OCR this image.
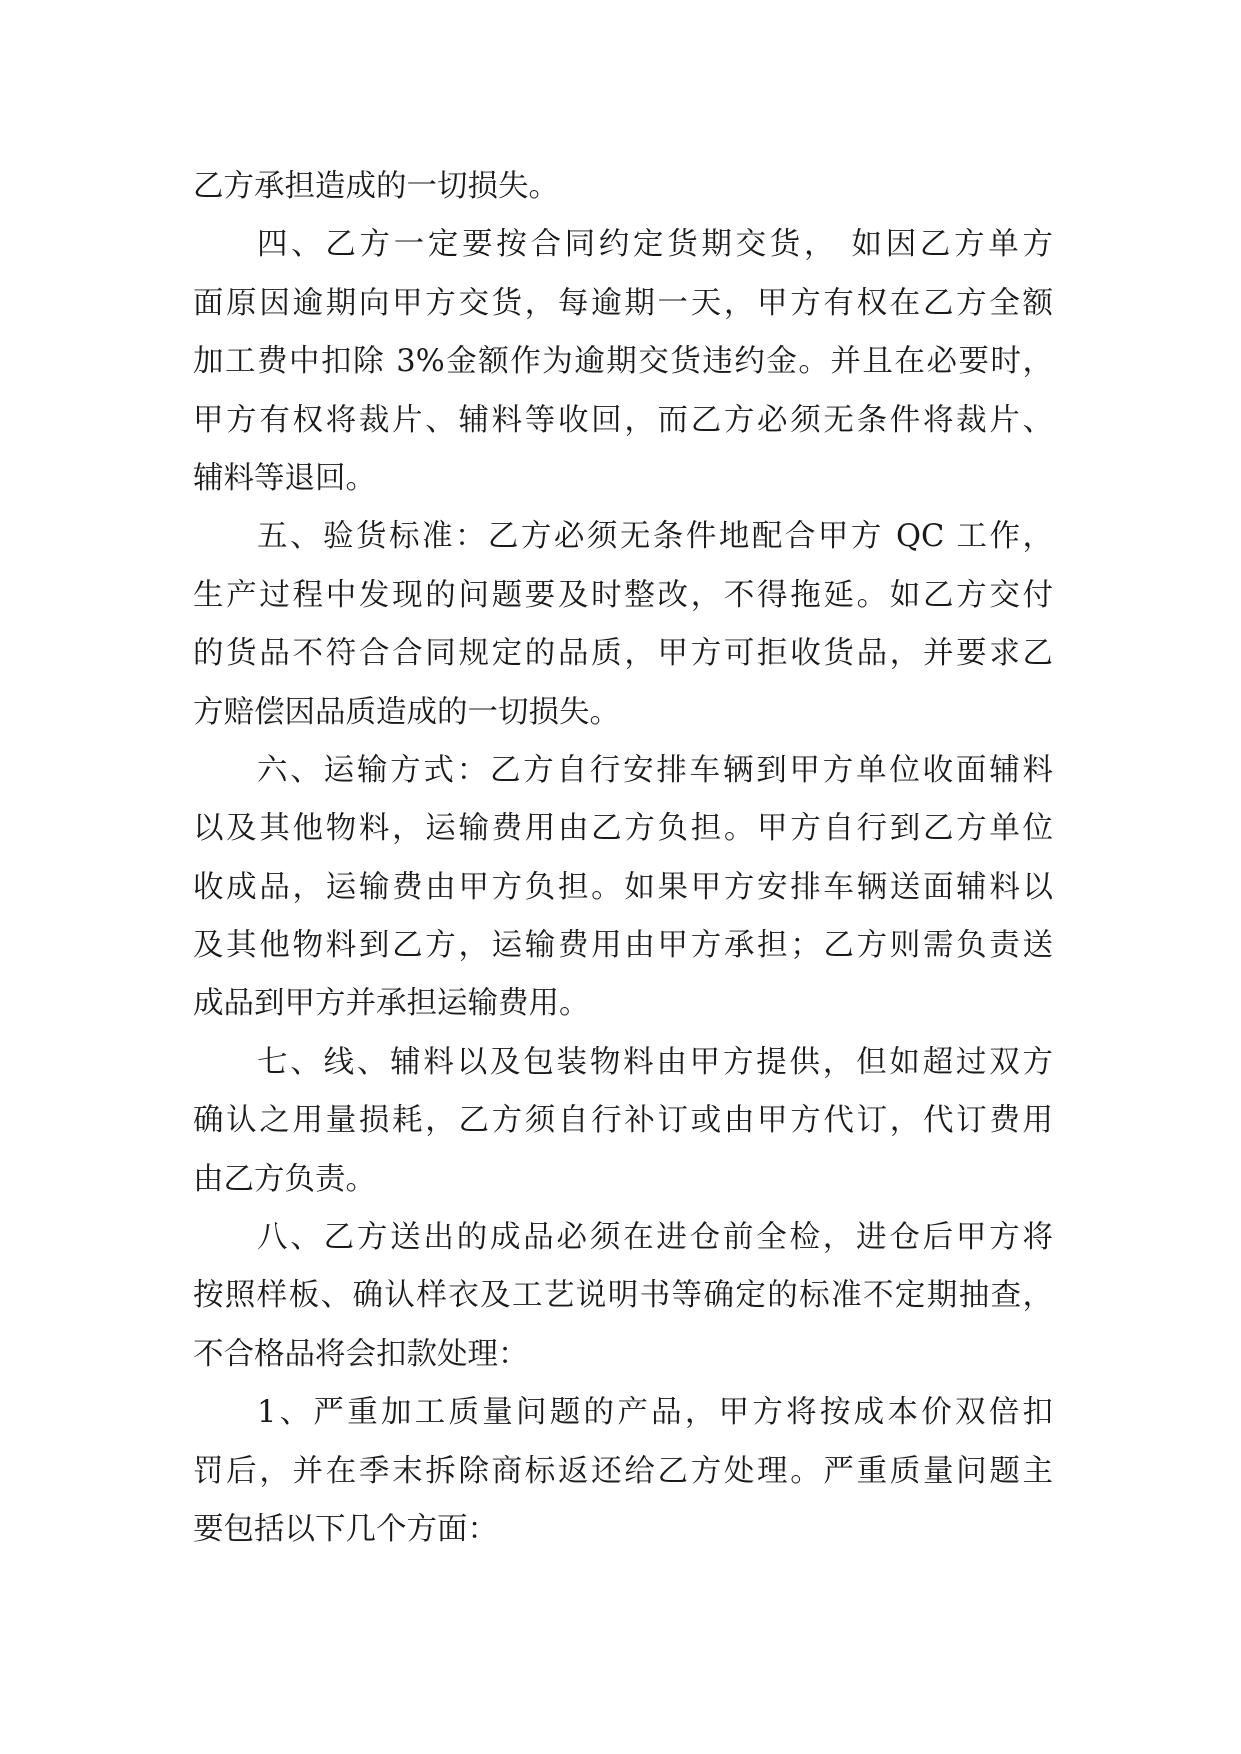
乙方承担造成的一切损失。
四、乙方一定要按合同约定货期交货， 如因乙方单方
面原因逾期向甲方交货，每逾期一天，甲方有权在乙方全额
加工费中扣除 3%金额作为逾期交货违约金。并且在必要时，
甲方有权将裁片、辅料等收回，而乙方必须无条件将裁片、
辅料等退回。
五、验货标准：乙方必须无条件地配合甲方 QC 工作，
生产过程中发现的问题要及时整改，不得拖延。如乙方交付
的货品不符合合同规定的品质，甲方可拒收货品，并要求乙
方赔偿因品质造成的一切损失。
六、运输方式：乙方自行安排车辆到甲方单位收面辅料
以及其他物料，运输费用由乙方负担。甲方自行到乙方单位
收成品，运输费由甲方负担。如果甲方安排车辆送面辅料以
及其他物料到乙方，运输费用由甲方承担；乙方则需负责送
成品到甲方并承担运输费用。
七、线、辅料以及包装物料由甲方提供，但如超过双方
确认之用量损耗，乙方须自行补订或由甲方代订，代订费用
由乙方负责。
八、乙方送出的成品必须在进仓前全检，进仓后甲方将
按照样板、确认样衣及工艺说明书等确定的标准不定期抽查，
不合格品将会扣款处理：
1、严重加工质量问题的产品，甲方将按成本价双倍扣
罚后，并在季末拆除商标返还给乙方处理。严重质量问题主
要包括以下几个方面：
